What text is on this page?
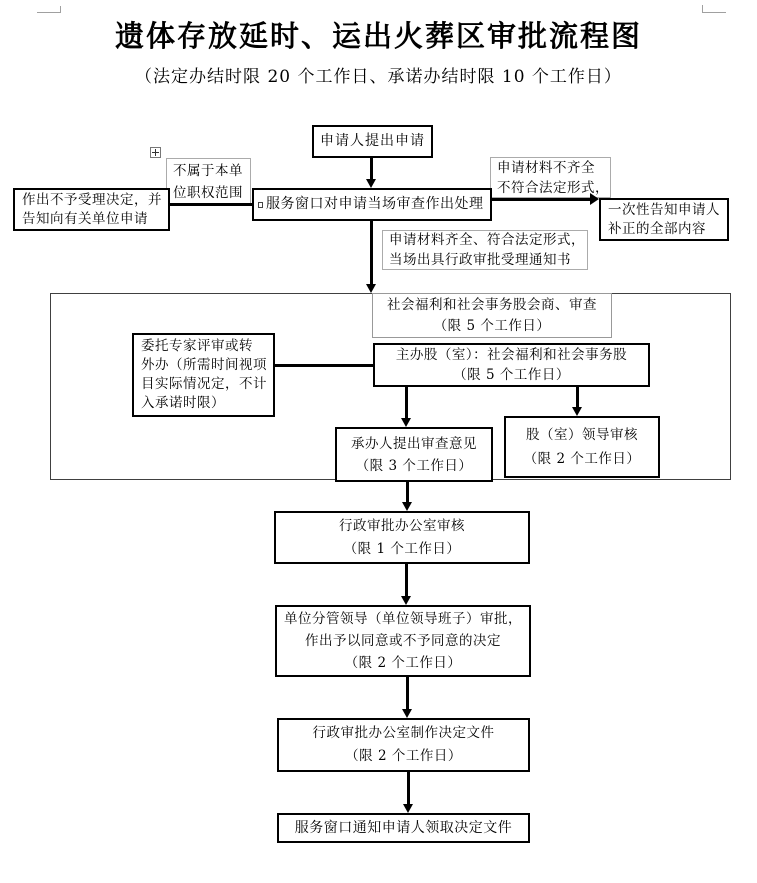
遗体存放延时、运出火葬区审批流程图
（法定办结时限 20 个工作日、承诺办结时限 10 个工作日）
申请人提出申请
服务窗口对申请当场审查作出处理
作出不予受理决定，并
告知向有关单位申请
一次性告知申请人
补正的全部内容
不属于本单
位职权范围
申请材料不齐全
不符合法定形式，
申请材料齐全、符合法定形式，
当场出具行政审批受理通知书
社会福利和社会事务股会商、审查
（限 5 个工作日）
主办股（室）：社会福利和社会事务股
（限 5 个工作日）
委托专家评审或转
外办（所需时间视项
目实际情况定，不计
入承诺时限）
承办人提出审查意见
（限 3 个工作日）
股（室）领导审核
（限 2 个工作日）
行政审批办公室审核
（限 1 个工作日）
单位分管领导（单位领导班子）审批，
作出予以同意或不予同意的决定
（限 2 个工作日）
行政审批办公室制作决定文件
（限 2 个工作日）
服务窗口通知申请人领取决定文件
